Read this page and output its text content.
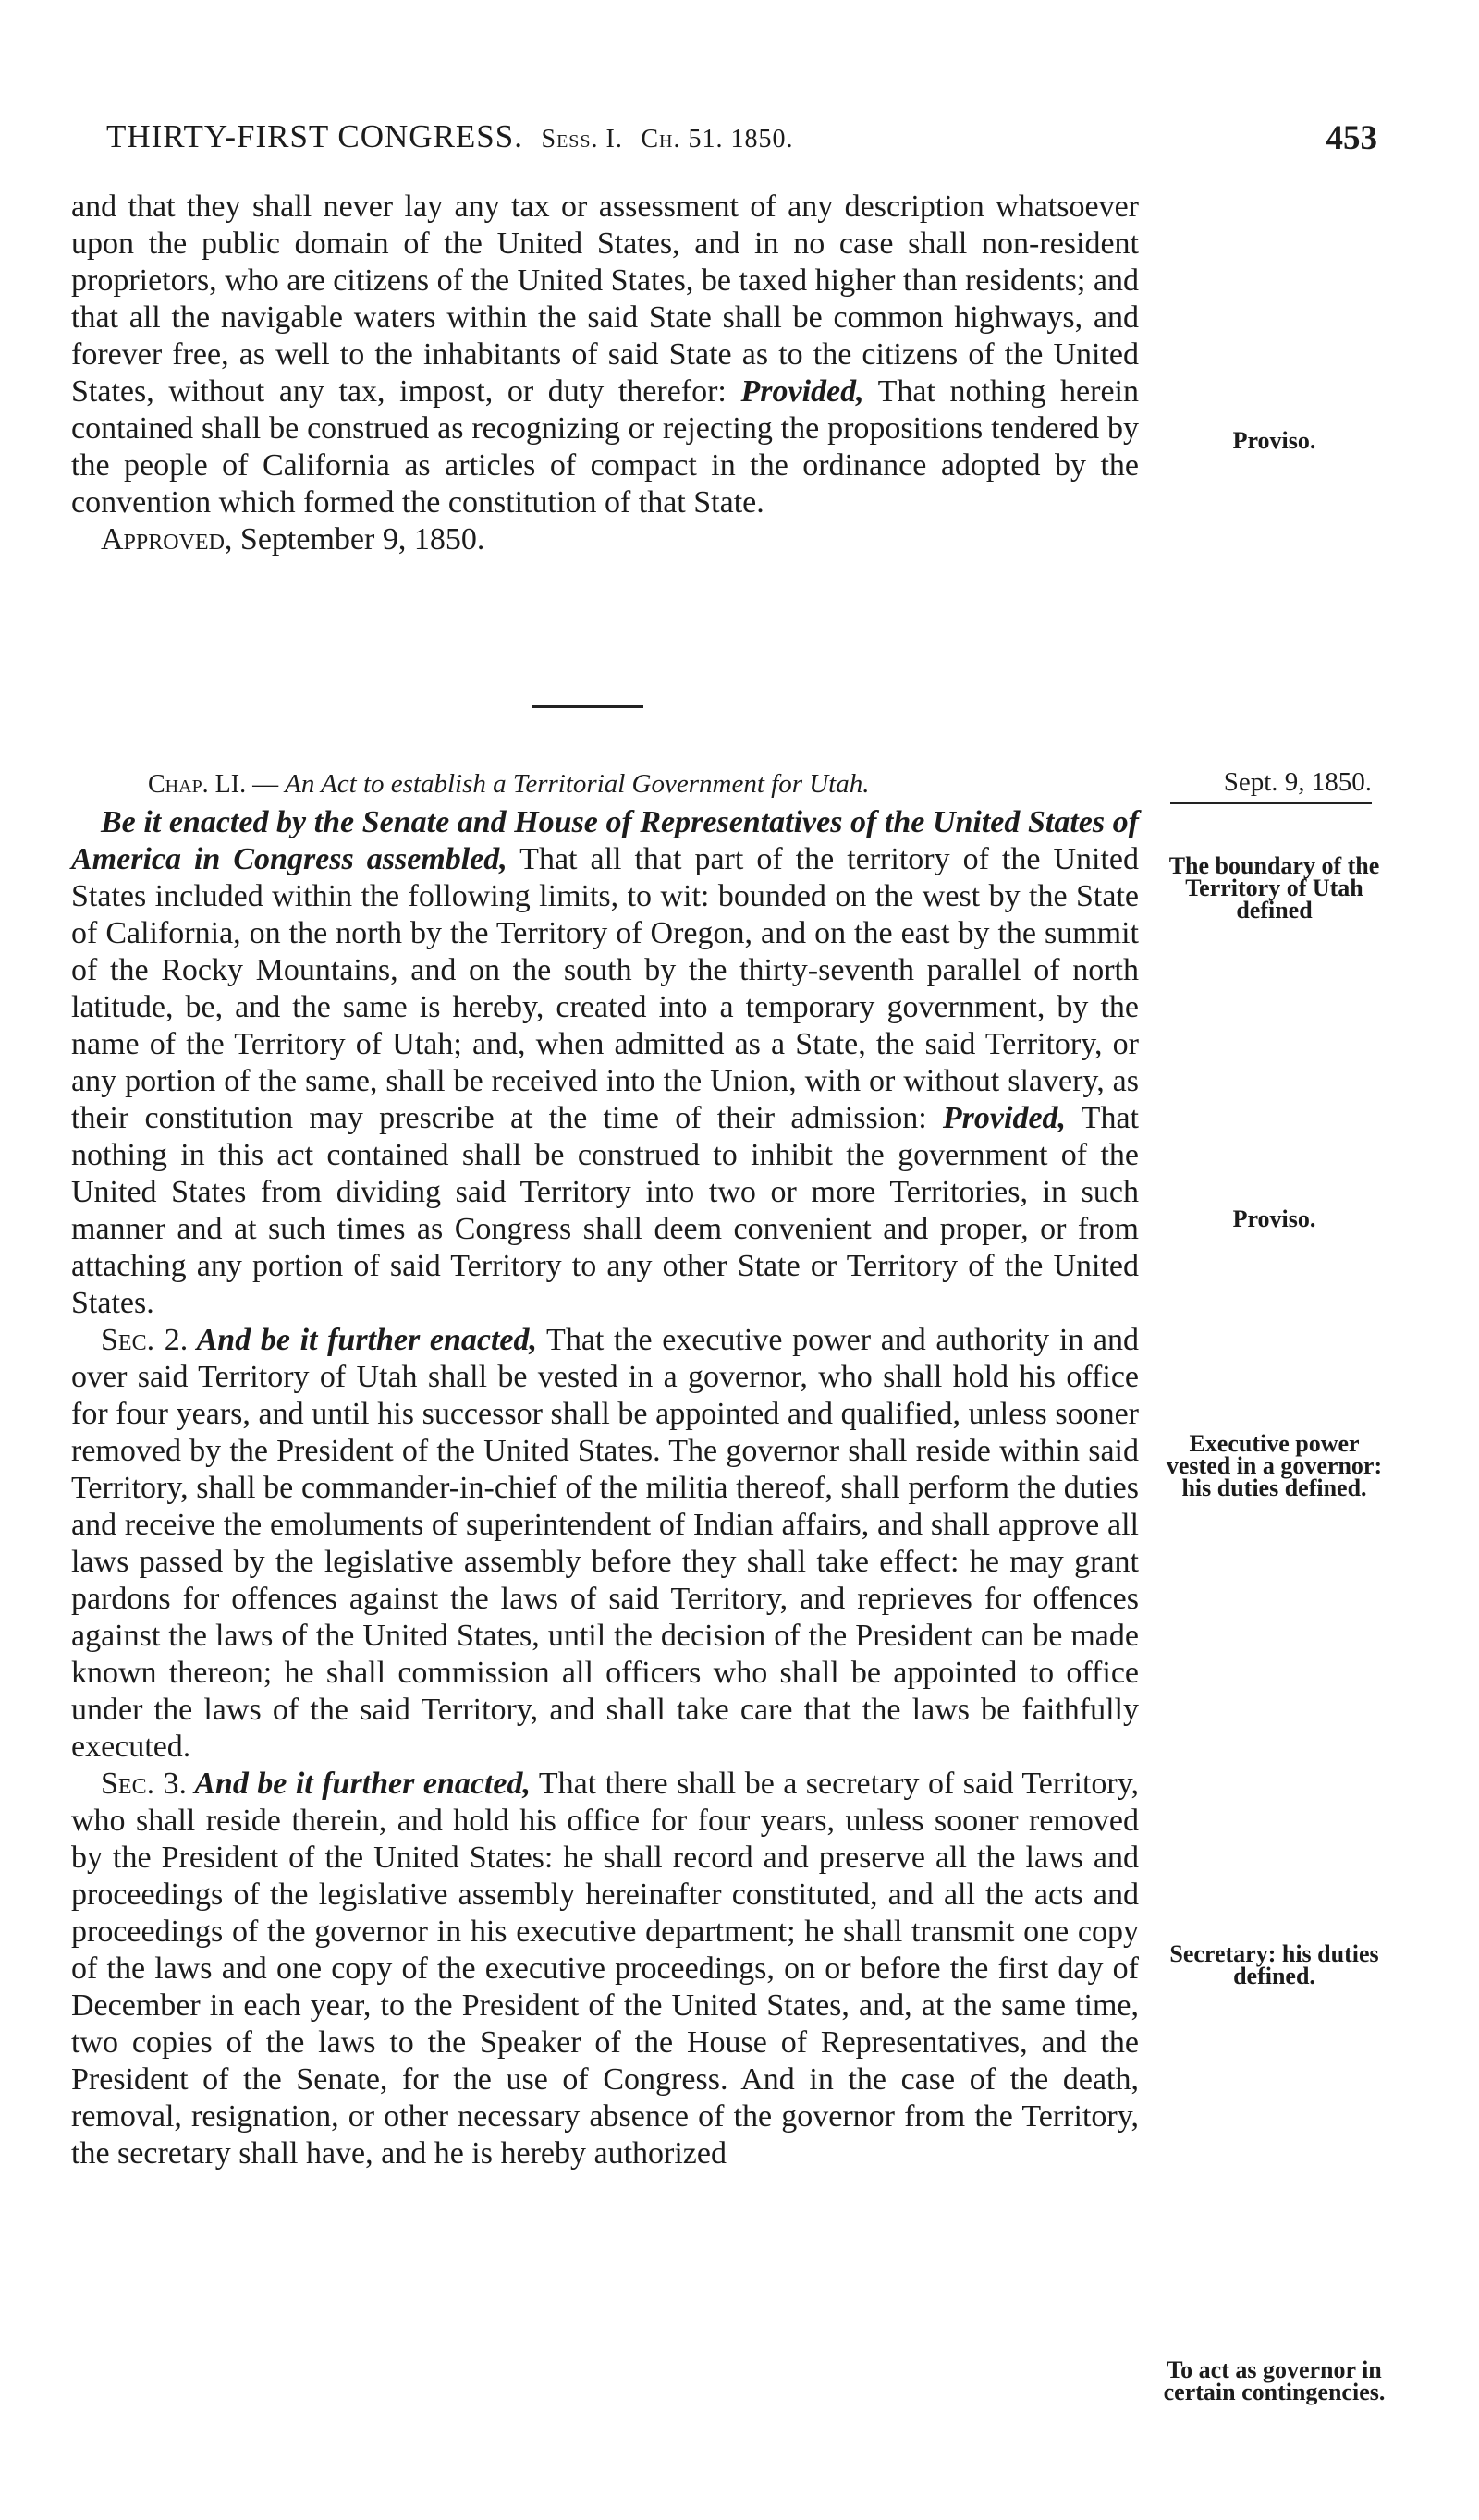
THIRTY-FIRST CONGRESS. Sess. I. Ch. 51. 1850.	453

and that they shall never lay any tax or assessment of any description whatsoever upon the public domain of the United States, and in no case shall non-resident proprietors, who are citizens of the United States, be taxed higher than residents; and that all the navigable waters within the said State shall be common highways, and forever free, as well to the inhabitants of said State as to the citizens of the United States, without any tax, impost, or duty therefor: Provided, That nothing herein contained shall be construed as recognizing or rejecting the propositions tendered by the people of California as articles of compact in the ordinance adopted by the convention which formed the constitution of that State.

Approved, September 9, 1850.

Proviso.
Chap. LI. — An Act to establish a Territorial Government for Utah.	Sept. 9, 1850.

Be it enacted by the Senate and House of Representatives of the United States of America in Congress assembled, That all that part of the territory of the United States included within the following limits, to wit: bounded on the west by the State of California, on the north by the Territory of Oregon, and on the east by the summit of the Rocky Mountains, and on the south by the thirty-seventh parallel of north latitude, be, and the same is hereby, created into a temporary government, by the name of the Territory of Utah; and, when admitted as a State, the said Territory, or any portion of the same, shall be received into the Union, with or without slavery, as their constitution may prescribe at the time of their admission: Provided, That nothing in this act contained shall be construed to inhibit the government of the United States from dividing said Territory into two or more Territories, in such manner and at such times as Congress shall deem convenient and proper, or from attaching any portion of said Territory to any other State or Territory of the United States.

Sec. 2. And be it further enacted, That the executive power and authority in and over said Territory of Utah shall be vested in a governor, who shall hold his office for four years, and until his successor shall be appointed and qualified, unless sooner removed by the President of the United States. The governor shall reside within said Territory, shall be commander-in-chief of the militia thereof, shall perform the duties and receive the emoluments of superintendent of Indian affairs, and shall approve all laws passed by the legislative assembly before they shall take effect: he may grant pardons for offences against the laws of said Territory, and reprieves for offences against the laws of the United States, until the decision of the President can be made known thereon; he shall commission all officers who shall be appointed to office under the laws of the said Territory, and shall take care that the laws be faithfully executed.

Sec. 3. And be it further enacted, That there shall be a secretary of said Territory, who shall reside therein, and hold his office for four years, unless sooner removed by the President of the United States: he shall record and preserve all the laws and proceedings of the legislative assembly hereinafter constituted, and all the acts and proceedings of the governor in his executive department; he shall transmit one copy of the laws and one copy of the executive proceedings, on or before the first day of December in each year, to the President of the United States, and, at the same time, two copies of the laws to the Speaker of the House of Representatives, and the President of the Senate, for the use of Congress. And in the case of the death, removal, resignation, or other necessary absence of the governor from the Territory, the secretary shall have, and he is hereby authorized

The boundary of the Territory of Utah defined
Proviso.
Executive power vested in a governor: his duties defined.
Secretary: his duties defined.
To act as governor in certain contingencies.
